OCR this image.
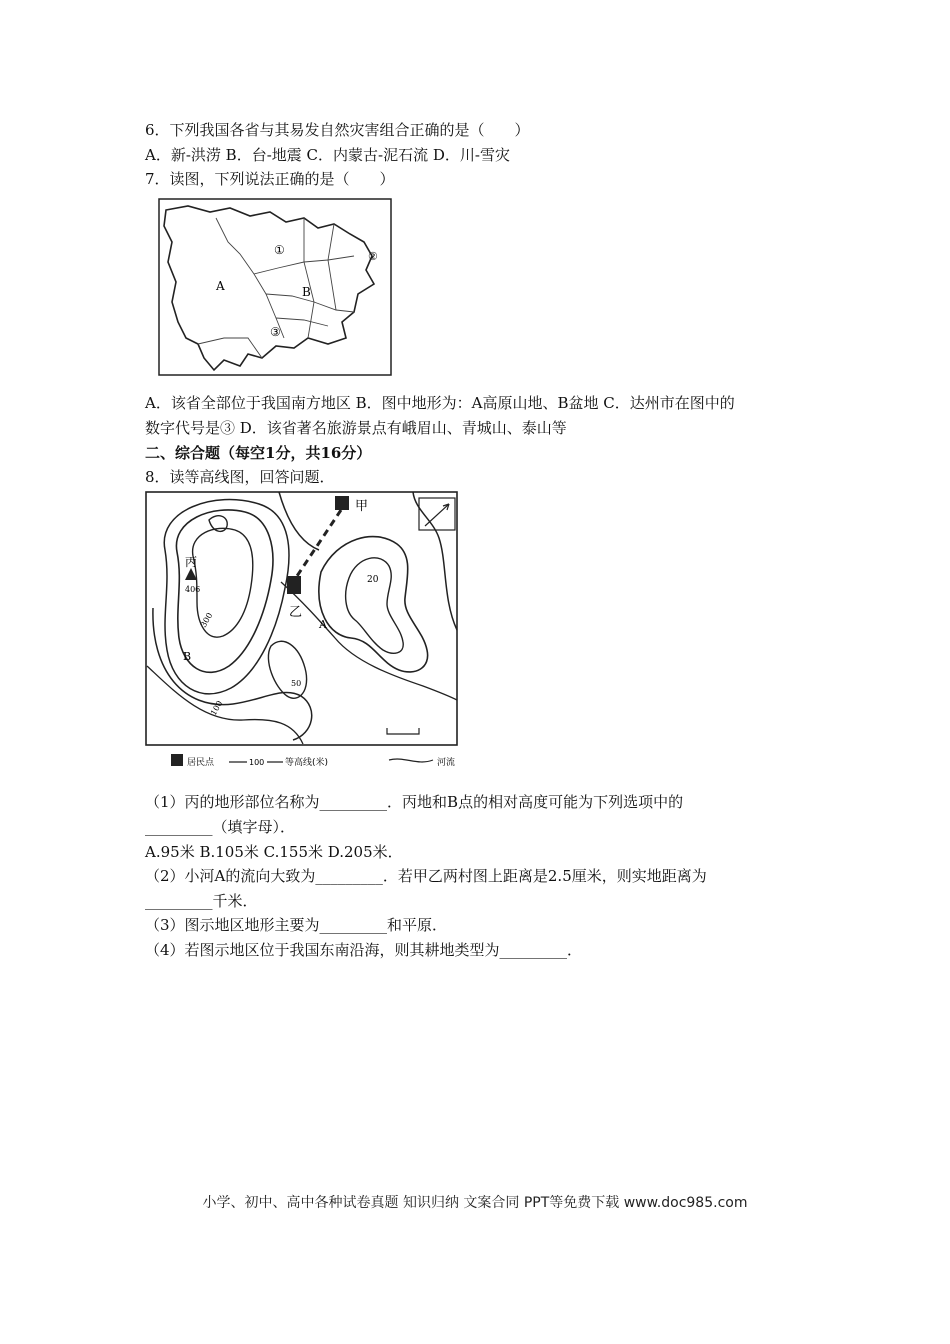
6．下列我国各省与其易发自然灾害组合正确的是（　　）
A．新-洪涝 B．台-地震 C．内蒙古-泥石流 D．川-雪灾
7．读图，下列说法正确的是（　　）
A	B
①	②
③
A．该省全部位于我国南方地区 B．图中地形为：A高原山地、B盆地 C．达州市在图中的
数字代号是③ D．该省著名旅游景点有峨眉山、青城山、泰山等
二、综合题（每空1分，共16分）
8．读等高线图，回答问题．
甲
乙
丙
A
B
406
300
100
20
50
居民点	100 等高线(米)	河流
（1）丙的地形部位名称为_________．丙地和B点的相对高度可能为下列选项中的
_________（填字母）．
A.95米 B.105米 C.155米 D.205米．
（2）小河A的流向大致为_________．若甲乙两村图上距离是2.5厘米，则实地距离为
_________千米．
（3）图示地区地形主要为_________和平原．
（4）若图示地区位于我国东南沿海，则其耕地类型为_________．
小学、初中、高中各种试卷真题 知识归纳 文案合同 PPT等免费下载 www.doc985.com
